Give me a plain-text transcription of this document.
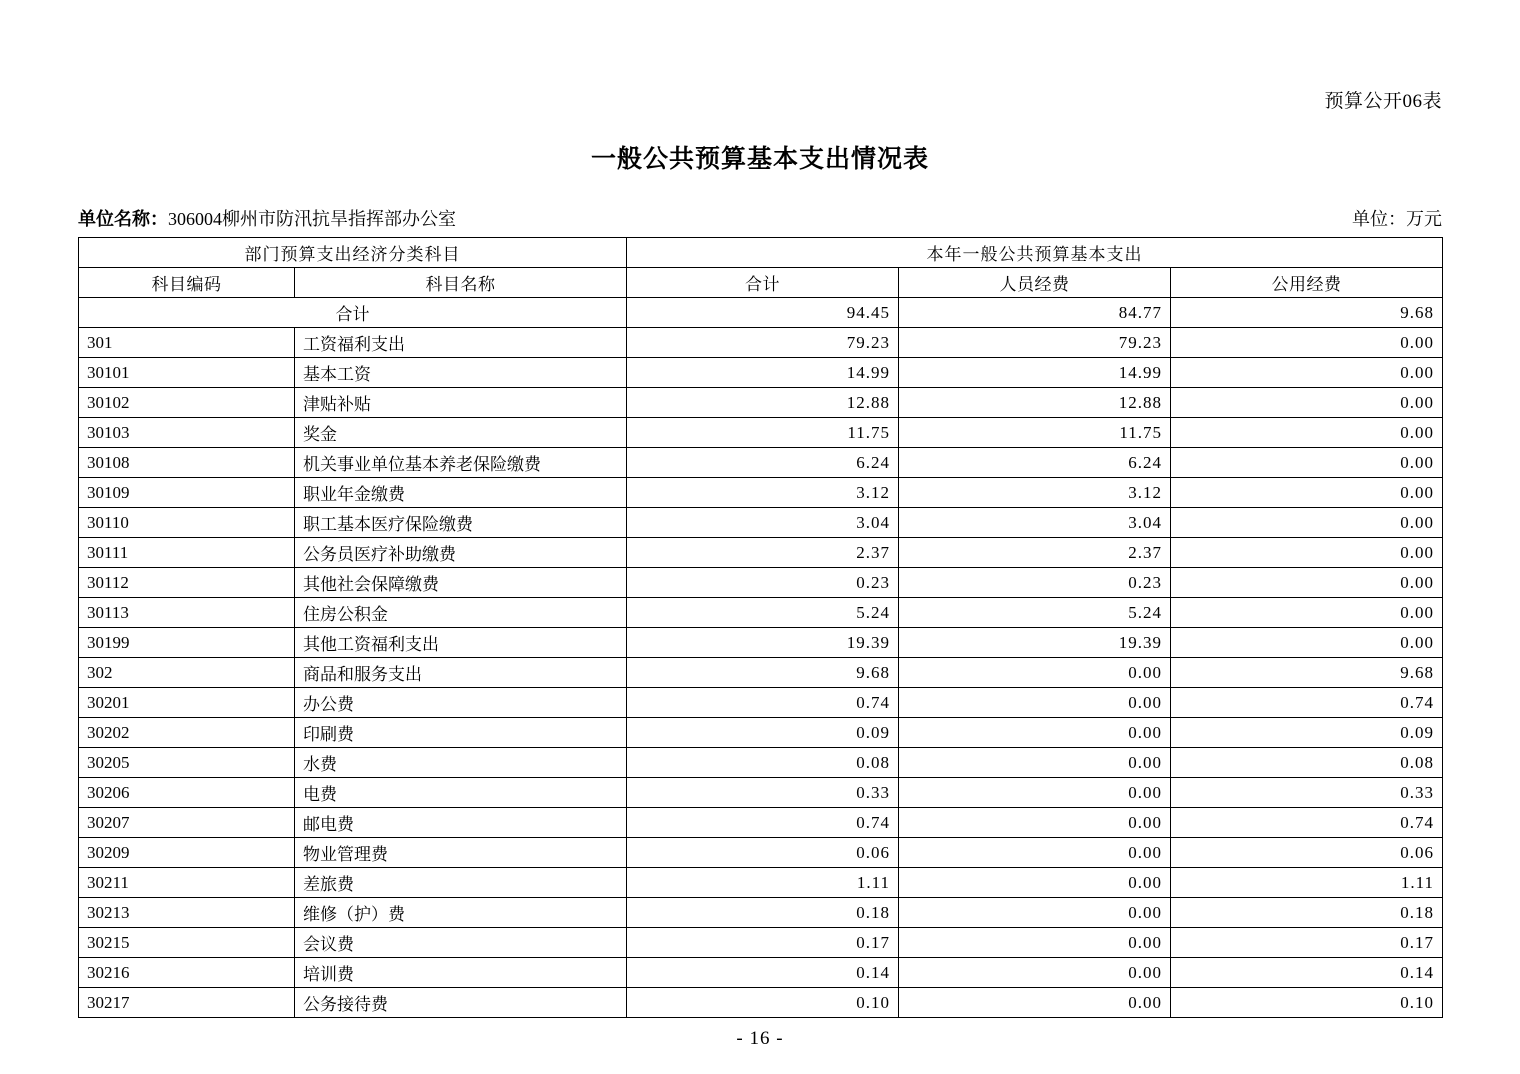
预算公开06表
一般公共预算基本支出情况表
单位名称：306004柳州市防汛抗旱指挥部办公室	单位：万元
部门预算支出经济分类科目		本年一般公共预算基本支出		
科目编码	科目名称	合计	人员经费	公用经费
合计		94.45	84.77	9.68
301	工资福利支出	79.23	79.23	0.00
30101	基本工资	14.99	14.99	0.00
30102	津贴补贴	12.88	12.88	0.00
30103	奖金	11.75	11.75	0.00
30108	机关事业单位基本养老保险缴费	6.24	6.24	0.00
30109	职业年金缴费	3.12	3.12	0.00
30110	职工基本医疗保险缴费	3.04	3.04	0.00
30111	公务员医疗补助缴费	2.37	2.37	0.00
30112	其他社会保障缴费	0.23	0.23	0.00
30113	住房公积金	5.24	5.24	0.00
30199	其他工资福利支出	19.39	19.39	0.00
302	商品和服务支出	9.68	0.00	9.68
30201	办公费	0.74	0.00	0.74
30202	印刷费	0.09	0.00	0.09
30205	水费	0.08	0.00	0.08
30206	电费	0.33	0.00	0.33
30207	邮电费	0.74	0.00	0.74
30209	物业管理费	0.06	0.00	0.06
30211	差旅费	1.11	0.00	1.11
30213	维修（护）费	0.18	0.00	0.18
30215	会议费	0.17	0.00	0.17
30216	培训费	0.14	0.00	0.14
30217	公务接待费	0.10	0.00	0.10
- 16 -
